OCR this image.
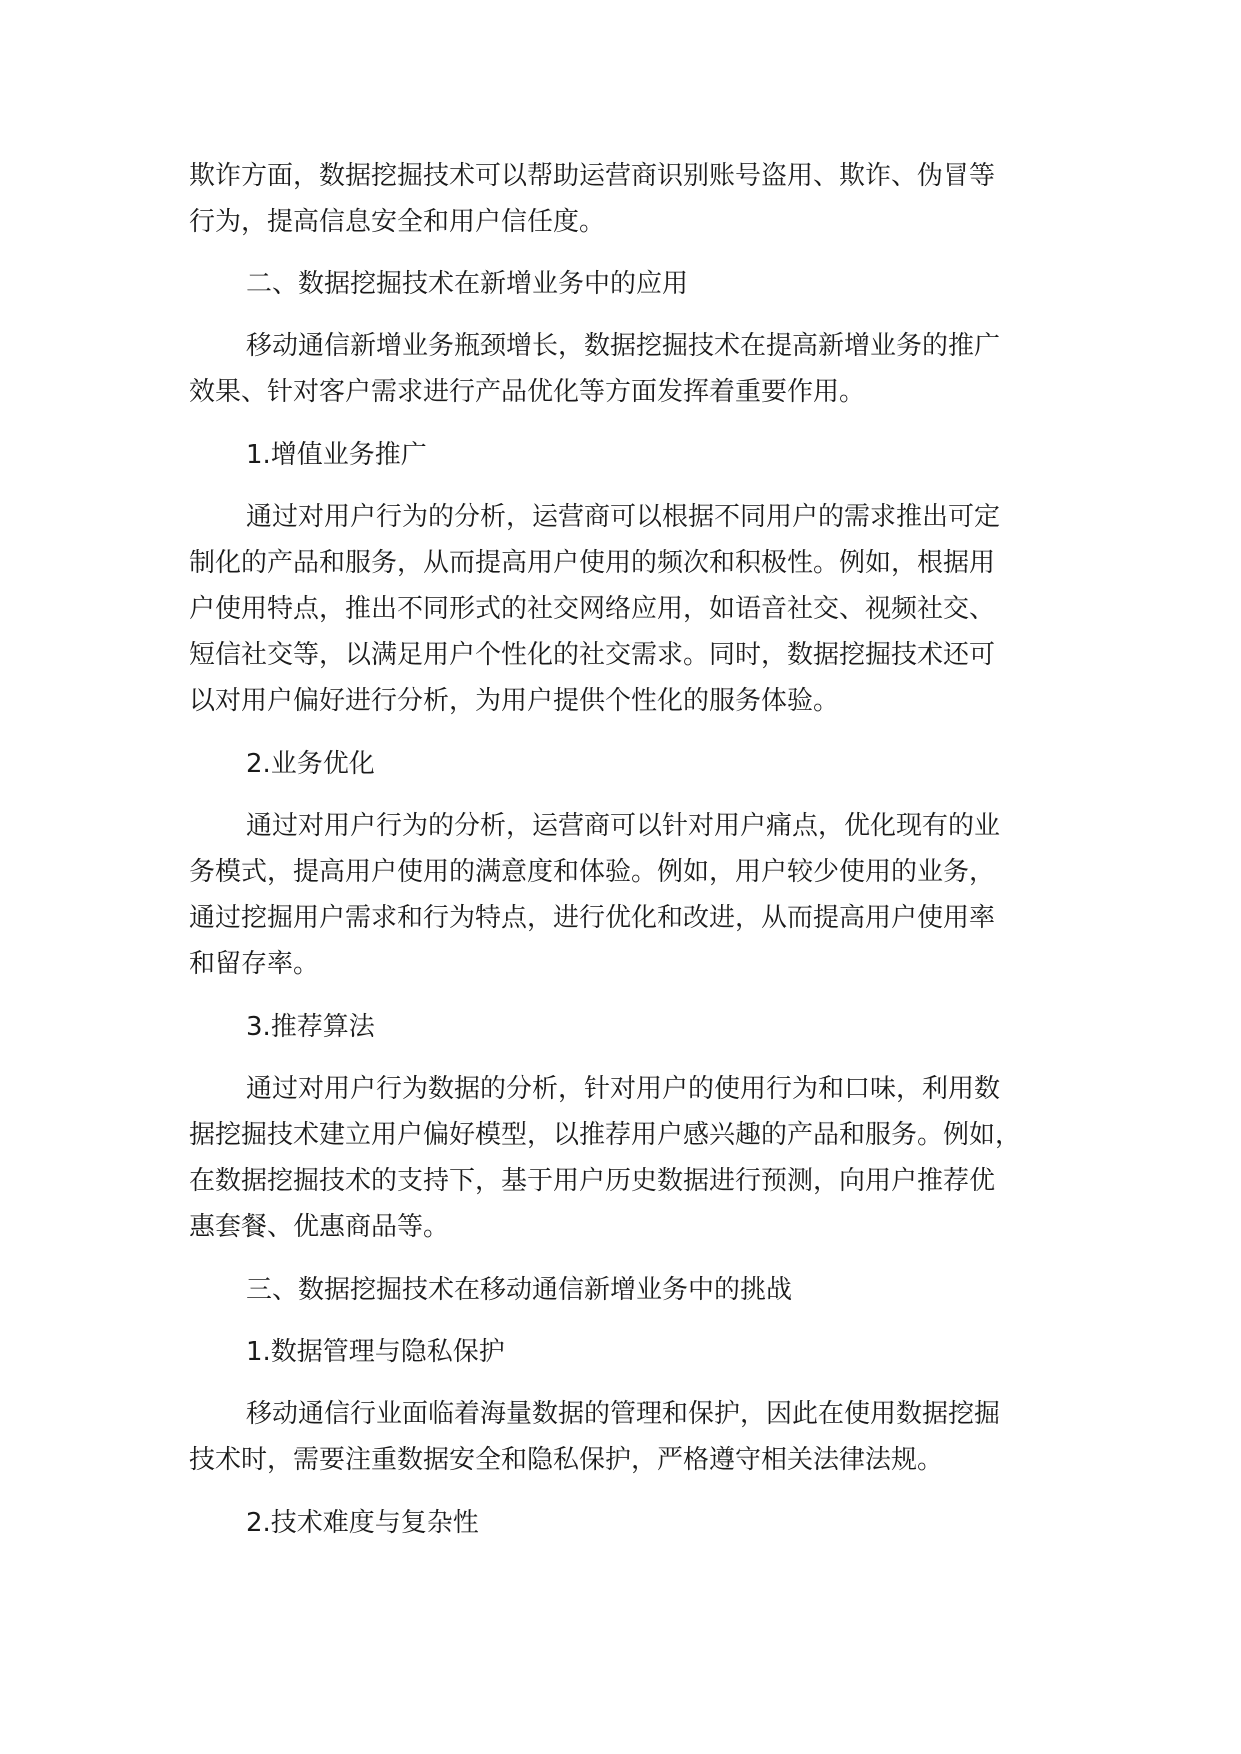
欺诈方面，数据挖掘技术可以帮助运营商识别账号盗用、欺诈、伪冒等

行为，提高信息安全和用户信任度。

二、数据挖掘技术在新增业务中的应用

移动通信新增业务瓶颈增长，数据挖掘技术在提高新增业务的推广

效果、针对客户需求进行产品优化等方面发挥着重要作用。

1.增值业务推广

通过对用户行为的分析，运营商可以根据不同用户的需求推出可定

制化的产品和服务，从而提高用户使用的频次和积极性。例如，根据用

户使用特点，推出不同形式的社交网络应用，如语音社交、视频社交、

短信社交等，以满足用户个性化的社交需求。同时，数据挖掘技术还可

以对用户偏好进行分析，为用户提供个性化的服务体验。

2.业务优化

通过对用户行为的分析，运营商可以针对用户痛点，优化现有的业

务模式，提高用户使用的满意度和体验。例如，用户较少使用的业务，

通过挖掘用户需求和行为特点，进行优化和改进，从而提高用户使用率

和留存率。

3.推荐算法

通过对用户行为数据的分析，针对用户的使用行为和口味，利用数

据挖掘技术建立用户偏好模型，以推荐用户感兴趣的产品和服务。例如，

在数据挖掘技术的支持下，基于用户历史数据进行预测，向用户推荐优

惠套餐、优惠商品等。

三、数据挖掘技术在移动通信新增业务中的挑战

1.数据管理与隐私保护

移动通信行业面临着海量数据的管理和保护，因此在使用数据挖掘

技术时，需要注重数据安全和隐私保护，严格遵守相关法律法规。

2.技术难度与复杂性
